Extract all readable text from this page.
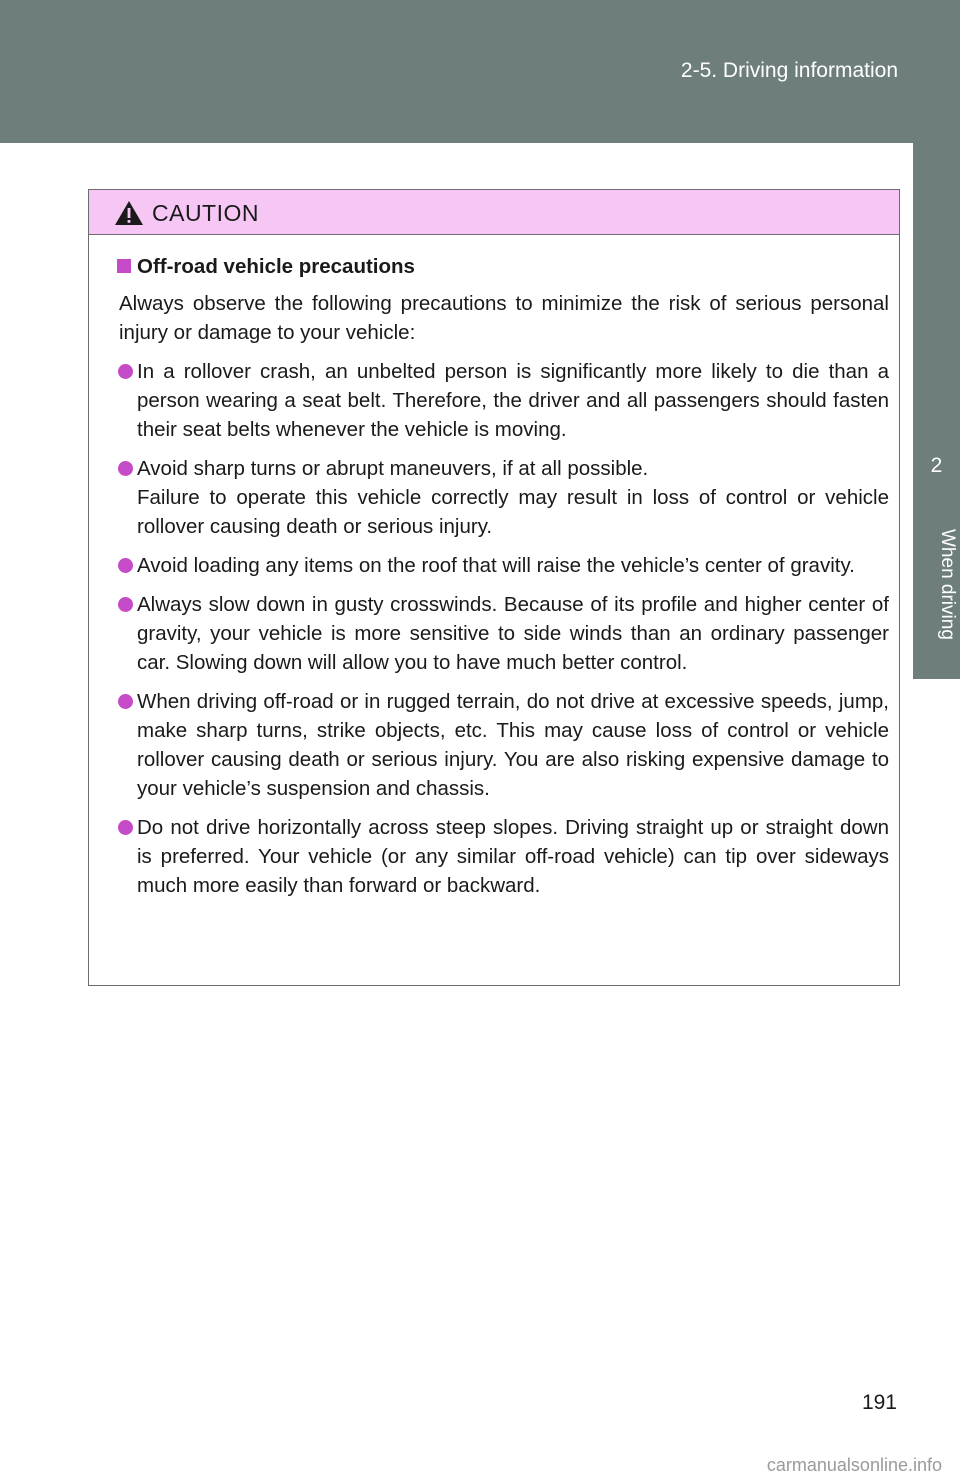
2-5. Driving information
2
When driving
CAUTION
Off-road vehicle precautions

Always observe the following precautions to minimize the risk of serious personal injury or damage to your vehicle:

In a rollover crash, an unbelted person is significantly more likely to die than a person wearing a seat belt. Therefore, the driver and all passengers should fasten their seat belts whenever the vehicle is moving.
Avoid sharp turns or abrupt maneuvers, if at all possible.
Failure to operate this vehicle correctly may result in loss of control or vehicle rollover causing death or serious injury.
Avoid loading any items on the roof that will raise the vehicle’s center of gravity.
Always slow down in gusty crosswinds. Because of its profile and higher center of gravity, your vehicle is more sensitive to side winds than an ordinary passenger car. Slowing down will allow you to have much better control.
When driving off-road or in rugged terrain, do not drive at excessive speeds, jump, make sharp turns, strike objects, etc. This may cause loss of control or vehicle rollover causing death or serious injury. You are also risking expensive damage to your vehicle’s suspension and chassis.
Do not drive horizontally across steep slopes. Driving straight up or straight down is preferred. Your vehicle (or any similar off-road vehicle) can tip over sideways much more easily than forward or backward.
191
carmanualsonline.info
